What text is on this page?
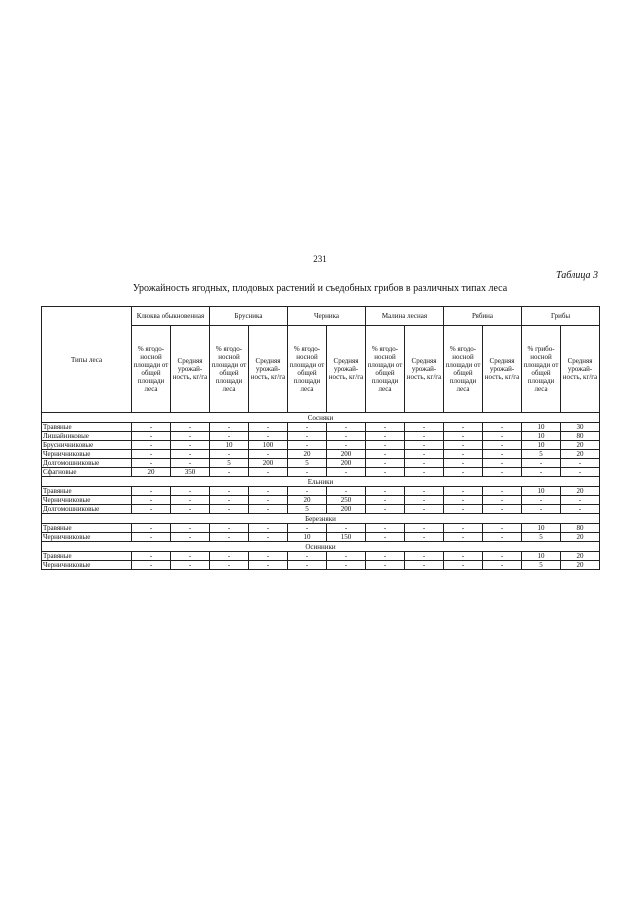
231
Таблица 3
Урожайность ягодных, плодовых растений и съедобных грибов в различных типах леса
Типы леса	Клюква обыкновенная		Брусника		Черника		Малина лесная		Рябина		Грибы	
	% ягодо-носной площади от общей площади леса	Средняя урожай-ность, кг/га	% ягодо-носной площади от общей площади леса	Средняя урожай-ность, кг/га	% ягодо-носной площади от общей площади леса	Средняя урожай-ность, кг/га	% ягодо-носной площади от общей площади леса	Средняя урожай-ность, кг/га	% ягодо-носной площади от общей площади леса	Средняя урожай-ность, кг/га	% грибо-носной площади от общей площади леса	Средняя урожай-ность, кг/га
Сосняки												
Травяные	-	-	-	-	-	-	-	-	-	-	10	30
Лишайниковые	-	-	-	-	-	-	-	-	-	-	10	80
Брусничниковые	-	-	10	100	-	-	-	-	-	-	10	20
Черничниковые	-	-	-	-	20	200	-	-	-	-	5	20
Долгомошниковые	-	-	5	200	5	200	-	-	-	-	-	-
Сфагновые	20	350	-	-	-	-	-	-	-	-	-	-
Ельники												
Травяные	-	-	-	-	-	-	-	-	-	-	10	20
Черничниковые	-	-	-	-	20	250	-	-	-	-	-	-
Долгомошниковые	-	-	-	-	5	200	-	-	-	-	-	-
Березняки												
Травяные	-	-	-	-	-	-	-	-	-	-	10	80
Черничниковые	-	-	-	-	10	150	-	-	-	-	5	20
Осинники												
Травяные	-	-	-	-	-	-	-	-	-	-	10	20
Черничниковые	-	-	-	-	-	-	-	-	-	-	5	20
